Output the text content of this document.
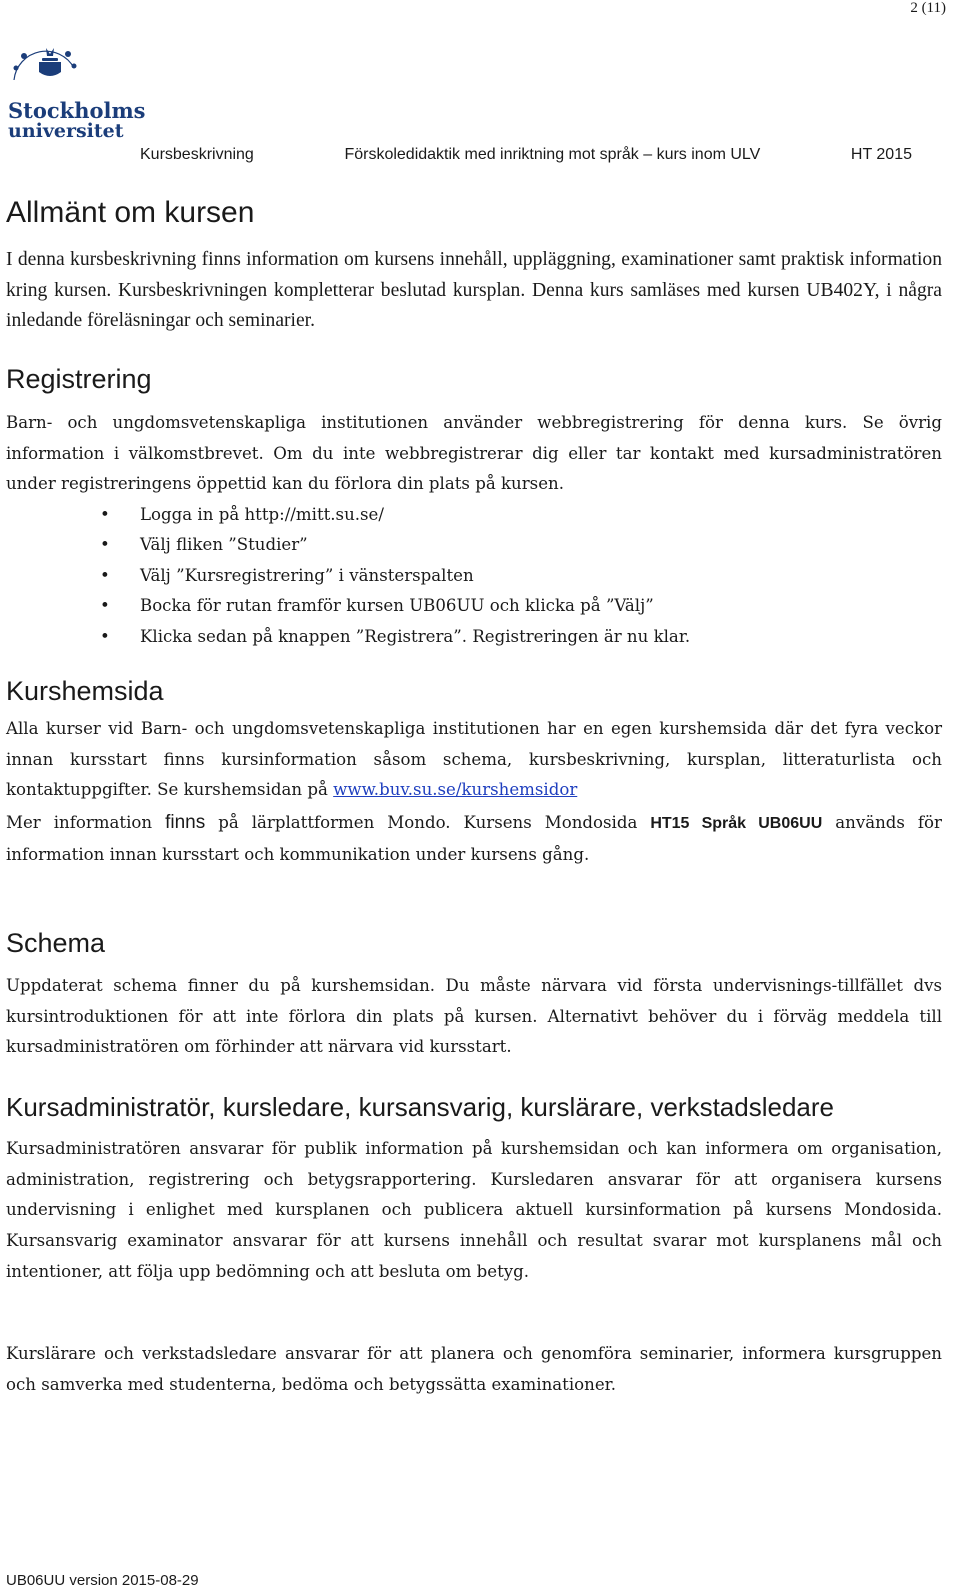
2 (11)
Stockholms
universitet
Kursbeskrivning	Förskoledidaktik med inriktning mot språk – kurs inom ULV	HT 2015
Allmänt om kursen

I denna kursbeskrivning finns information om kursens innehåll, uppläggning, examinationer samt praktisk information kring kursen. Kursbeskrivningen kompletterar beslutad kursplan. Denna kurs samläses med kursen UB402Y, i några inledande föreläsningar och seminarier.

Registrering

Barn- och ungdomsvetenskapliga institutionen använder webbregistrering för denna kurs. Se övrig information i välkomstbrevet. Om du inte webbregistrerar dig eller tar kontakt med kursadministratören under registreringens öppettid kan du förlora din plats på kursen.

• Logga in på http://mitt.su.se/
• Välj fliken ”Studier”
• Välj ”Kursregistrering” i vänsterspalten
• Bocka för rutan framför kursen UB06UU och klicka på ”Välj”
• Klicka sedan på knappen ”Registrera”. Registreringen är nu klar.
Kurshemsida

Alla kurser vid Barn- och ungdomsvetenskapliga institutionen har en egen kurshemsida där det fyra veckor innan kursstart finns kursinformation såsom schema, kursbeskrivning, kursplan, litteraturlista och kontaktuppgifter. Se kurshemsidan på www.buv.su.se/kurshemsidor

Mer information finns på lärplattformen Mondo. Kursens Mondosida HT15 Språk UB06UU används för information innan kursstart och kommunikation under kursens gång.

Schema

Uppdaterat schema finner du på kurshemsidan. Du måste närvara vid första undervisnings-tillfället dvs kursintroduktionen för att inte förlora din plats på kursen. Alternativt behöver du i förväg meddela till kursadministratören om förhinder att närvara vid kursstart.

Kursadministratör, kursledare, kursansvarig, kurslärare, verkstadsledare

Kursadministratören ansvarar för publik information på kurshemsidan och kan informera om organisation, administration, registrering och betygsrapportering. Kursledaren ansvarar för att organisera kursens undervisning i enlighet med kursplanen och publicera aktuell kursinformation på kursens Mondosida. Kursansvarig examinator ansvarar för att kursens innehåll och resultat svarar mot kursplanens mål och intentioner, att följa upp bedömning och att besluta om betyg.

Kurslärare och verkstadsledare ansvarar för att planera och genomföra seminarier, informera kursgruppen och samverka med studenterna, bedöma och betygssätta examinationer.

UB06UU version 2015-08-29
